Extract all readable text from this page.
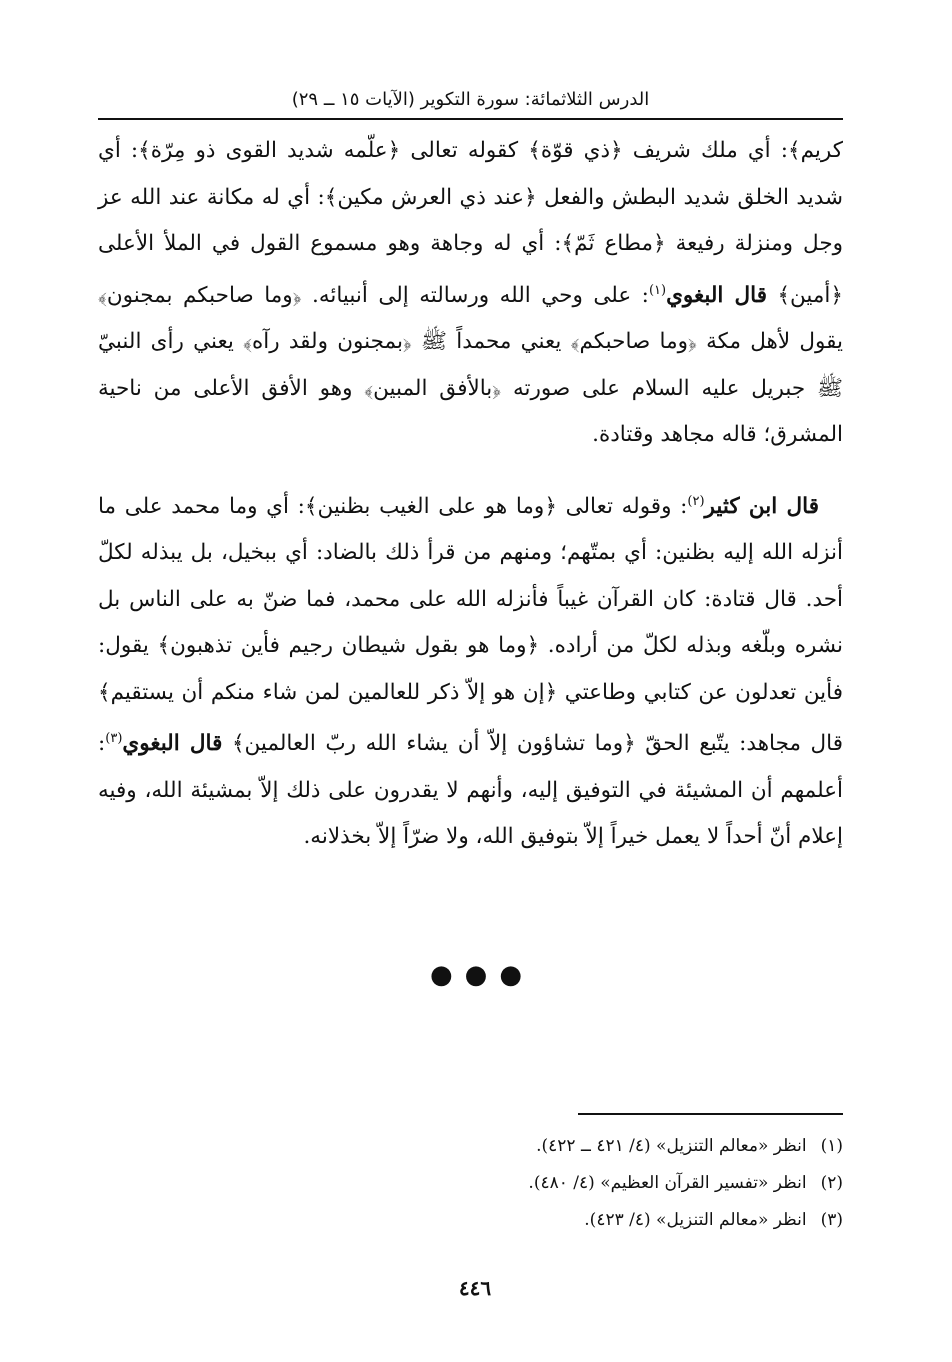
الدرس الثلاثمائة: سورة التكوير (الآيات ١٥ ــ ٢٩)

كريم﴾: أي ملك شريف ﴿ذي قوّة﴾ كقوله تعالى ﴿علّمه شديد القوى ذو مِرّة﴾: أي شديد الخلق شديد البطش والفعل ﴿عند ذي العرش مكين﴾: أي له مكانة عند الله عز وجل ومنزلة رفيعة ﴿مطاع ثَمّ﴾: أي له وجاهة وهو مسموع القول في الملأ الأعلى ﴿أمين﴾ قال البغوي$^{(١)}$: على وحي الله ورسالته إلى أنبيائه. ﴿وما صاحبكم بمجنون﴾ يقول لأهل مكة ﴿وما صاحبكم﴾ يعني محمداً ﷺ ﴿بمجنون ولقد رآه﴾ يعني رأى النبيّ ﷺ جبريل عليه السلام على صورته ﴿بالأفق المبين﴾ وهو الأفق الأعلى من ناحية المشرق؛ قاله مجاهد وقتادة.

قال ابن كثير$^{(٢)}$: وقوله تعالى ﴿وما هو على الغيب بظنين﴾: أي وما محمد على ما أنزله الله إليه بظنين: أي بمتّهم؛ ومنهم من قرأ ذلك بالضاد: أي ببخيل، بل يبذله لكلّ أحد. قال قتادة: كان القرآن غيباً فأنزله الله على محمد، فما ضنّ به على الناس بل نشره وبلّغه وبذله لكلّ من أراده. ﴿وما هو بقول شيطان رجيم فأين تذهبون﴾ يقول: فأين تعدلون عن كتابي وطاعتي ﴿إن هو إلاّ ذكر للعالمين لمن شاء منكم أن يستقيم﴾ قال مجاهد: يتّبع الحقّ ﴿وما تشاؤون إلاّ أن يشاء الله ربّ العالمين﴾ قال البغوي$^{(٣)}$: أعلمهم أن المشيئة في التوفيق إليه، وأنهم لا يقدرون على ذلك إلاّ بمشيئة الله، وفيه إعلام أنّ أحداً لا يعمل خيراً إلاّ بتوفيق الله، ولا ضرّاً إلاّ بخذلانه.

●●●
(١)انظر «معالم التنزيل» (٤/ ٤٢١ ــ ٤٢٢).
(٢)انظر «تفسير القرآن العظيم» (٤/ ٤٨٠).
(٣)انظر «معالم التنزيل» (٤/ ٤٢٣).
٤٤٦
